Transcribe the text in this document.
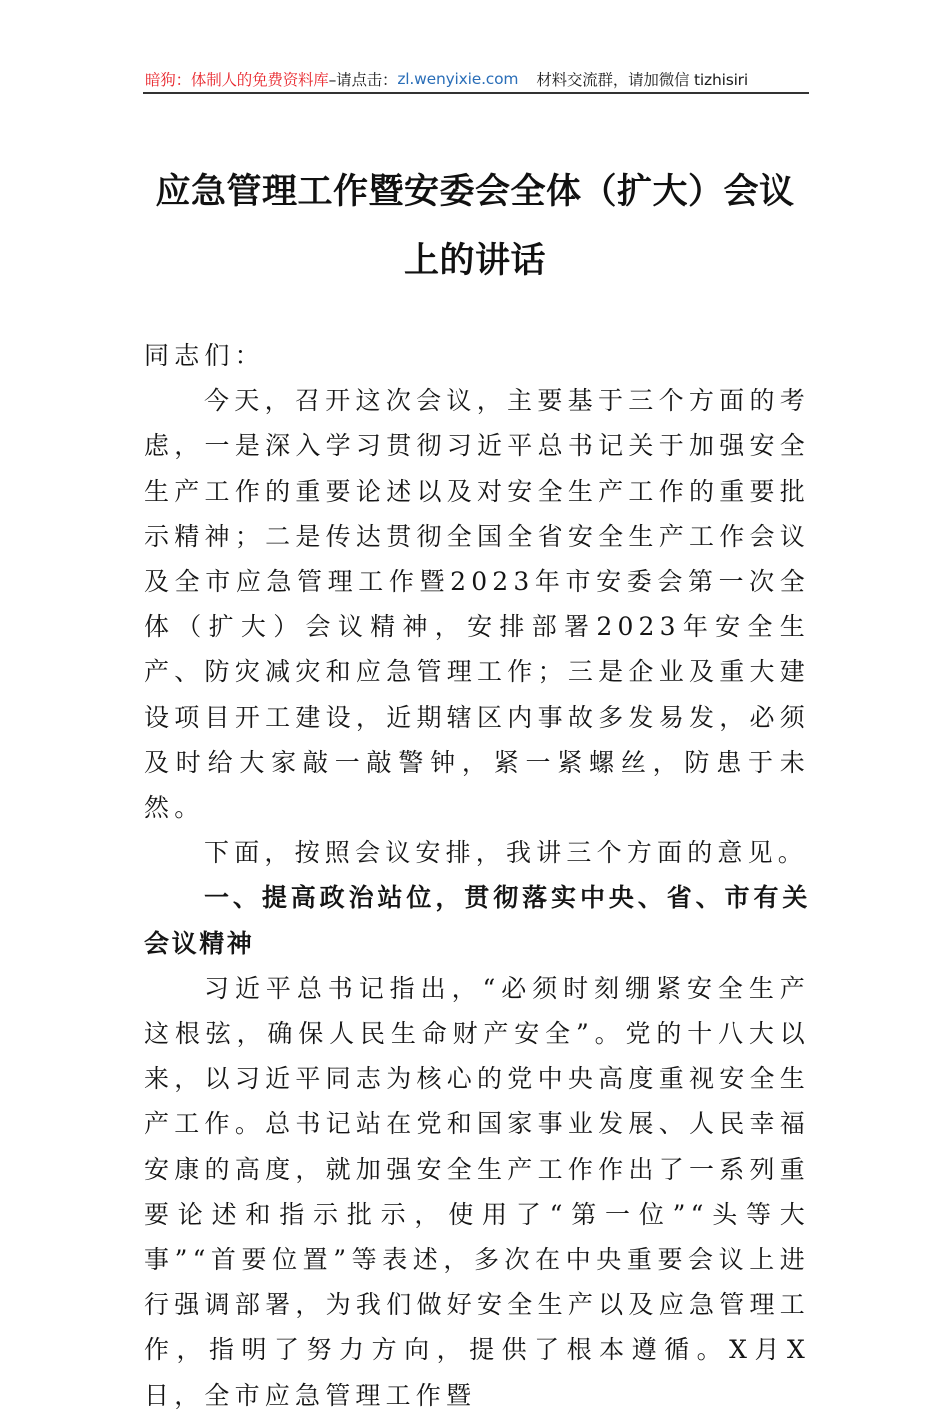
暗狗：体制人的免费资料库 –请点击： zl.wenyixie.com 材料交流群，请加微信 tizhisiri
应急管理工作暨安委会全体（扩大）会议
上的讲话

同志们：

今天，召开这次会议，主要基于三个方面的考虑，一是深入学习贯彻习近平总书记关于加强安全生产工作的重要论述以及对安全生产工作的重要批示精神；二是传达贯彻全国全省安全生产工作会议及全市应急管理工作暨2023年市安委会第一次全体（扩大）会议精神，安排部署2023年安全生产、防灾减灾和应急管理工作；三是企业及重大建设项目开工建设，近期辖区内事故多发易发，必须及时给大家敲一敲警钟，紧一紧螺丝，防患于未然。

下面，按照会议安排，我讲三个方面的意见。

一、提高政治站位，贯彻落实中央、省、市有关会议精神

习近平总书记指出，“必须时刻绷紧安全生产这根弦，确保人民生命财产安全”。党的十八大以来，以习近平同志为核心的党中央高度重视安全生产工作。总书记站在党和国家事业发展、人民幸福安康的高度，就加强安全生产工作作出了一系列重要论述和指示批示，使用了“第一位”“头等大事”“首要位置”等表述，多次在中央重要会议上进行强调部署，为我们做好安全生产以及应急管理工作，指明了努力方向，提供了根本遵循。X月X日，全市应急管理工作暨
